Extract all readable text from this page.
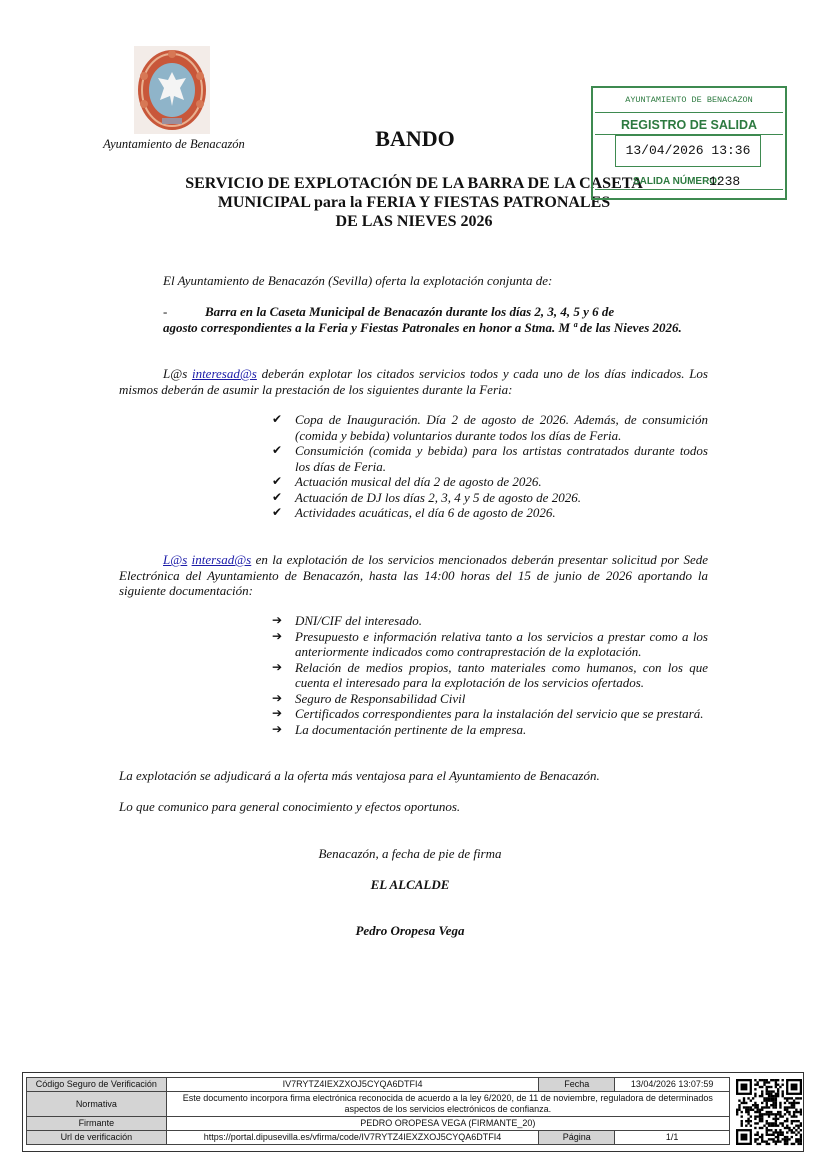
Ayuntamiento de Benacazón	BANDO
SERVICIO DE EXPLOTACIÓN DE LA BARRA DE LA CASETA
MUNICIPAL para la FERIA Y FIESTAS PATRONALES
DE LAS NIEVES 2026
AYUNTAMIENTO DE BENACAZON
REGISTRO DE SALIDA
13/04/2026 13:36
SALIDA NÚMERO:
1238
El Ayuntamiento de Benacazón (Sevilla) oferta la explotación conjunta de:
-	Barra en la Caseta Municipal de Benacazón durante los días 2, 3, 4, 5 y 6 de
agosto correspondientes a la Feria y Fiestas Patronales en honor a Stma. M ª de las Nieves 2026.
L@s interesad@s deberán explotar los citados servicios todos y cada uno de los días indicados. Los mismos deberán de asumir la prestación de los siguientes durante la Feria:
✔ Copa de Inauguración. Día 2 de agosto de 2026. Además, de consumición (comida y bebida) voluntarios durante todos los días de Feria.
✔ Consumición (comida y bebida) para los artistas contratados durante todos los días de Feria.
✔ Actuación musical del día 2 de agosto de 2026.
✔ Actuación de DJ los días 2, 3, 4 y 5 de agosto de 2026.
✔ Actividades acuáticas, el día 6 de agosto de 2026.
L@s intersad@s en la explotación de los servicios mencionados deberán presentar solicitud por Sede Electrónica del Ayuntamiento de Benacazón, hasta las 14:00 horas del 15 de junio de 2026 aportando la siguiente documentación:
➔ DNI/CIF del interesado.
➔ Presupuesto e información relativa tanto a los servicios a prestar como a los anteriormente indicados como contraprestación de la explotación.
➔ Relación de medios propios, tanto materiales como humanos, con los que cuenta el interesado para la explotación de los servicios ofertados.
➔ Seguro de Responsabilidad Civil
➔ Certificados correspondientes para la instalación del servicio que se prestará.
➔ La documentación pertinente de la empresa.
La explotación se adjudicará a la oferta más ventajosa para el Ayuntamiento de Benacazón.
Lo que comunico para general conocimiento y efectos oportunos.
Benacazón, a fecha de pie de firma
EL ALCALDE
Pedro Oropesa Vega
Código Seguro de Verificación	IV7RYTZ4IEXZXOJ5CYQA6DTFI4	Fecha	13/04/2026 13:07:59
Normativa	Este documento incorpora firma electrónica reconocida de acuerdo a la ley 6/2020, de 11 de noviembre, reguladora de determinados aspectos de los servicios electrónicos de confianza.		
Firmante	PEDRO OROPESA VEGA (FIRMANTE_20)		
Url de verificación	https://portal.dipusevilla.es/vfirma/code/IV7RYTZ4IEXZXOJ5CYQA6DTFI4	Página	1/1
